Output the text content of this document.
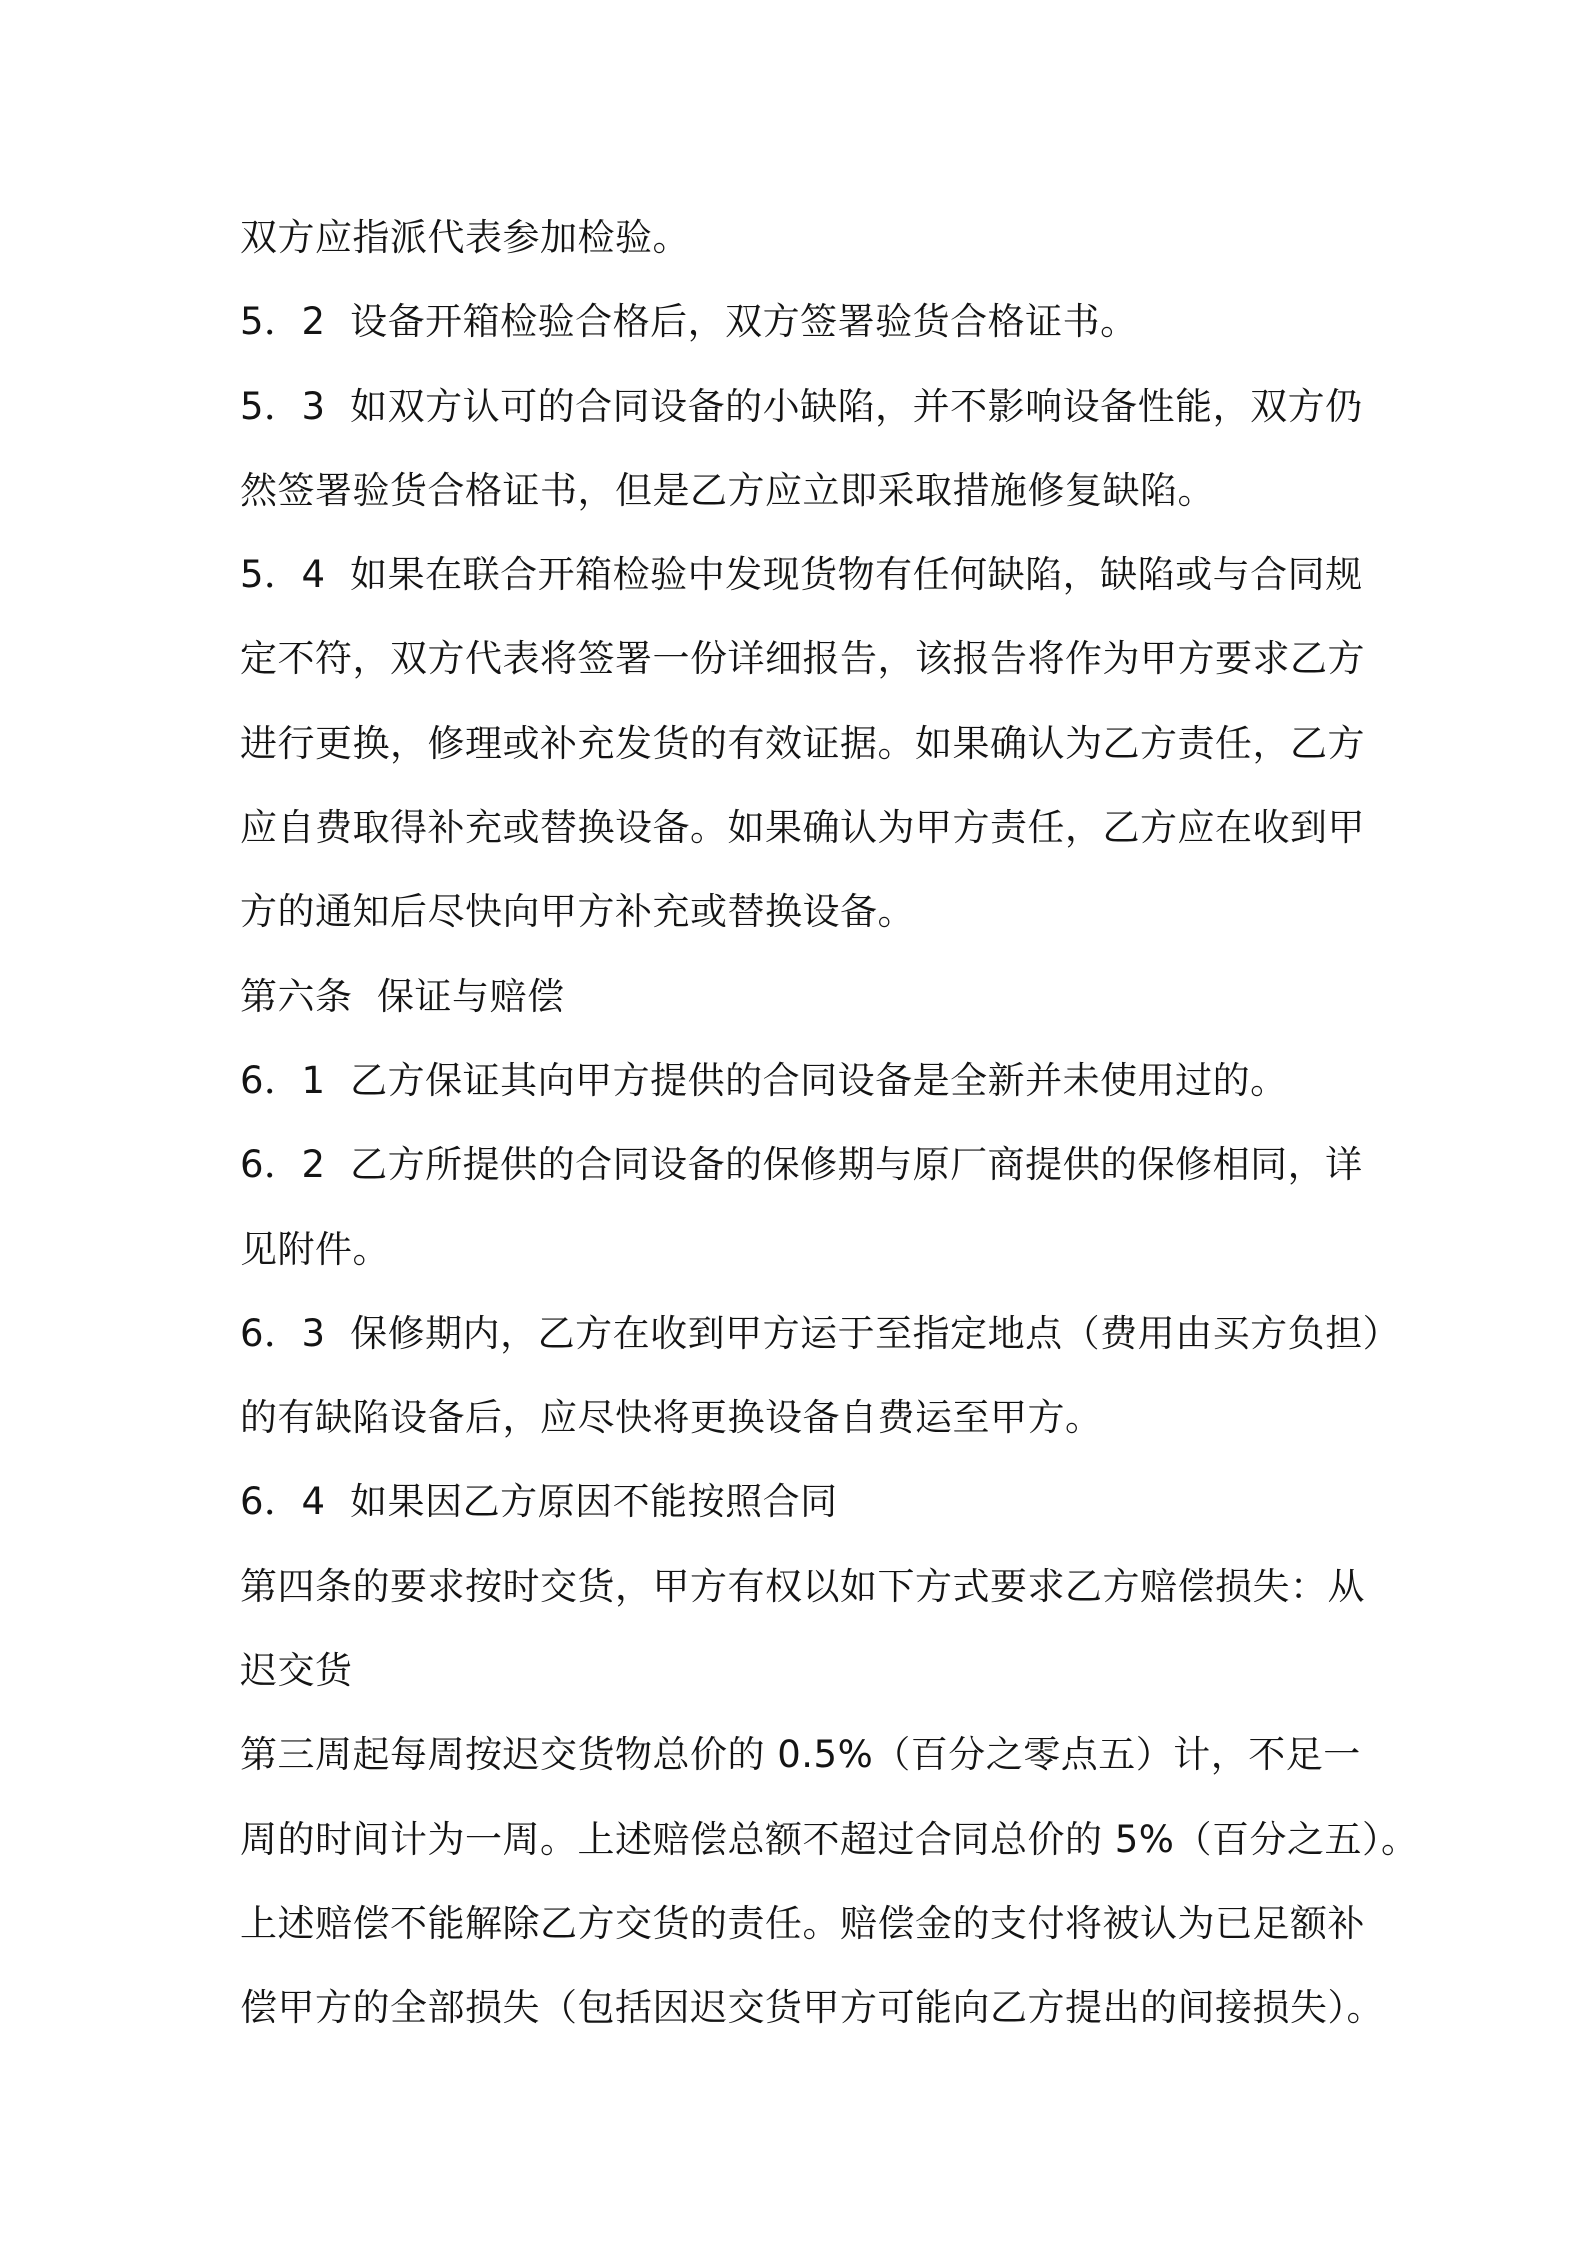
双方应指派代表参加检验。
5．2  设备开箱检验合格后，双方签署验货合格证书。
5．3  如双方认可的合同设备的小缺陷，并不影响设备性能，双方仍
然签署验货合格证书，但是乙方应立即采取措施修复缺陷。
5．4  如果在联合开箱检验中发现货物有任何缺陷，缺陷或与合同规
定不符，双方代表将签署一份详细报告，该报告将作为甲方要求乙方
进行更换，修理或补充发货的有效证据。如果确认为乙方责任，乙方
应自费取得补充或替换设备。如果确认为甲方责任，乙方应在收到甲
方的通知后尽快向甲方补充或替换设备。
第六条  保证与赔偿
6．1  乙方保证其向甲方提供的合同设备是全新并未使用过的。
6．2  乙方所提供的合同设备的保修期与原厂商提供的保修相同，详
见附件。
6．3  保修期内，乙方在收到甲方运于至指定地点（费用由买方负担）
的有缺陷设备后，应尽快将更换设备自费运至甲方。
6．4  如果因乙方原因不能按照合同
第四条的要求按时交货，甲方有权以如下方式要求乙方赔偿损失：从
迟交货
第三周起每周按迟交货物总价的 0.5%（百分之零点五）计，不足一
周的时间计为一周。上述赔偿总额不超过合同总价的 5%（百分之五）。
上述赔偿不能解除乙方交货的责任。赔偿金的支付将被认为已足额补
偿甲方的全部损失（包括因迟交货甲方可能向乙方提出的间接损失）。
